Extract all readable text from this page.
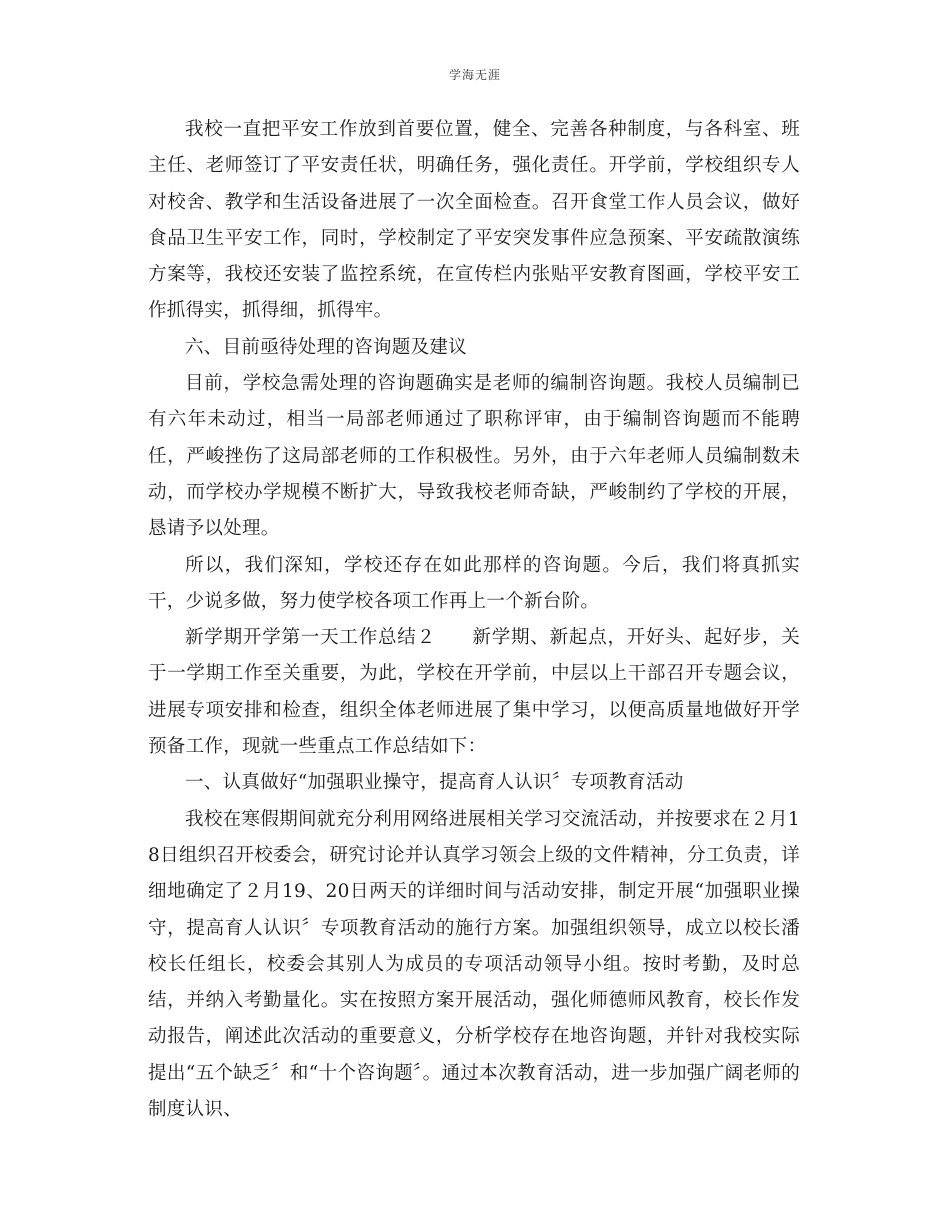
学海无涯

我校一直把平安工作放到首要位置，健全、完善各种制度，与各科室、班主任、老师签订了平安责任状，明确任务，强化责任。开学前，学校组织专人对校舍、教学和生活设备进展了一次全面检查。召开食堂工作人员会议，做好食品卫生平安工作，同时，学校制定了平安突发事件应急预案、平安疏散演练方案等，我校还安装了监控系统，在宣传栏内张贴平安教育图画，学校平安工作抓得实，抓得细，抓得牢。

六、目前亟待处理的咨询题及建议

目前，学校急需处理的咨询题确实是老师的编制咨询题。我校人员编制已有六年未动过，相当一局部老师通过了职称评审，由于编制咨询题而不能聘任，严峻挫伤了这局部老师的工作积极性。另外，由于六年老师人员编制数未动，而学校办学规模不断扩大，导致我校老师奇缺，严峻制约了学校的开展，恳请予以处理。

所以，我们深知，学校还存在如此那样的咨询题。今后，我们将真抓实干，少说多做，努力使学校各项工作再上一个新台阶。

新学期开学第一天工作总结２ 新学期、新起点，开好头、起好步，关于一学期工作至关重要，为此，学校在开学前，中层以上干部召开专题会议，进展专项安排和检查，组织全体老师进展了集中学习，以便高质量地做好开学预备工作，现就一些重点工作总结如下：

一、认真做好“加强职业操守，提高育人认识〞专项教育活动

我校在寒假期间就充分利用网络进展相关学习交流活动，并按要求在２月18日组织召开校委会，研究讨论并认真学习领会上级的文件精神，分工负责，详细地确定了２月19、20日两天的详细时间与活动安排，制定开展“加强职业操守，提高育人认识〞专项教育活动的施行方案。加强组织领导，成立以校长潘校长任组长，校委会其别人为成员的专项活动领导小组。按时考勤，及时总结，并纳入考勤量化。实在按照方案开展活动，强化师德师风教育，校长作发动报告，阐述此次活动的重要意义，分析学校存在地咨询题，并针对我校实际提出“五个缺乏〞和“十个咨询题〞。通过本次教育活动，进一步加强广阔老师的制度认识、
